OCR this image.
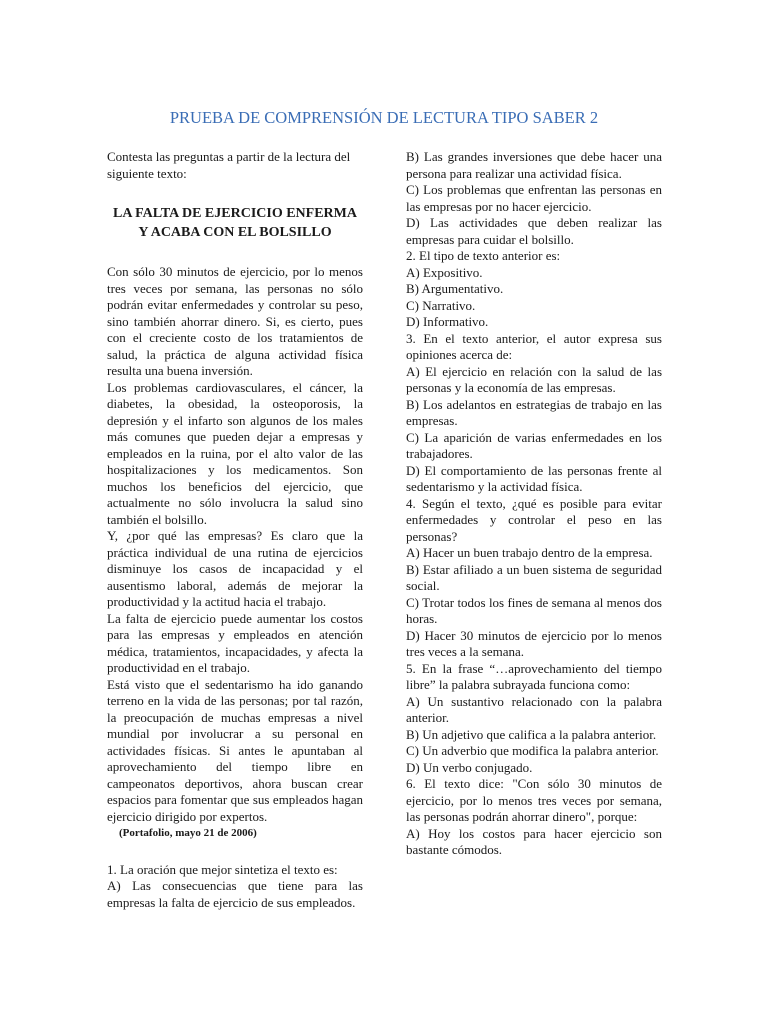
PRUEBA DE COMPRENSIÓN DE LECTURA TIPO SABER 2

Contesta las preguntas a partir de la lectura del siguiente texto:

LA FALTA DE EJERCICIO ENFERMA Y ACABA CON EL BOLSILLO

Con sólo 30 minutos de ejercicio, por lo menos tres veces por semana, las personas no sólo podrán evitar enfermedades y controlar su peso, sino también ahorrar dinero. Si, es cierto, pues con el creciente costo de los tratamientos de salud, la práctica de alguna actividad física resulta una buena inversión.

Los problemas cardiovasculares, el cáncer, la diabetes, la obesidad, la osteoporosis, la depresión y el infarto son algunos de los males más comunes que pueden dejar a empresas y empleados en la ruina, por el alto valor de las hospitalizaciones y los medicamentos. Son muchos los beneficios del ejercicio, que actualmente no sólo involucra la salud sino también el bolsillo.

Y, ¿por qué las empresas? Es claro que la práctica individual de una rutina de ejercicios disminuye los casos de incapacidad y el ausentismo laboral, además de mejorar la productividad y la actitud hacia el trabajo.

La falta de ejercicio puede aumentar los costos para las empresas y empleados en atención médica, tratamientos, incapacidades, y afecta la productividad en el trabajo.

Está visto que el sedentarismo ha ido ganando terreno en la vida de las personas; por tal razón, la preocupación de muchas empresas a nivel mundial por involucrar a su personal en actividades físicas. Si antes le apuntaban al aprovechamiento del tiempo libre en campeonatos deportivos, ahora buscan crear espacios para fomentar que sus empleados hagan ejercicio dirigido por expertos.

(Portafolio, mayo 21 de 2006)

1. La oración que mejor sintetiza el texto es:

A) Las consecuencias que tiene para las empresas la falta de ejercicio de sus empleados.

B) Las grandes inversiones que debe hacer una persona para realizar una actividad física.

C) Los problemas que enfrentan las personas en las empresas por no hacer ejercicio.

D) Las actividades que deben realizar las empresas para cuidar el bolsillo.

2. El tipo de texto anterior es:

A) Expositivo.

B) Argumentativo.

C) Narrativo.

D) Informativo.

3. En el texto anterior, el autor expresa sus opiniones acerca de:

A) El ejercicio en relación con la salud de las personas y la economía de las empresas.

B) Los adelantos en estrategias de trabajo en las empresas.

C) La aparición de varias enfermedades en los trabajadores.

D) El comportamiento de las personas frente al sedentarismo y la actividad física.

4. Según el texto, ¿qué es posible para evitar enfermedades y controlar el peso en las personas?

A) Hacer un buen trabajo dentro de la empresa.

B) Estar afiliado a un buen sistema de seguridad social.

C) Trotar todos los fines de semana al menos dos horas.

D) Hacer 30 minutos de ejercicio por lo menos tres veces a la semana.

5. En la frase “…aprovechamiento del tiempo libre” la palabra subrayada funciona como:

A) Un sustantivo relacionado con la palabra anterior.

B) Un adjetivo que califica a la palabra anterior.

C) Un adverbio que modifica la palabra anterior.

D) Un verbo conjugado.

6. El texto dice: "Con sólo 30 minutos de ejercicio, por lo menos tres veces por semana, las personas podrán ahorrar dinero", porque:

A) Hoy los costos para hacer ejercicio son bastante cómodos.
